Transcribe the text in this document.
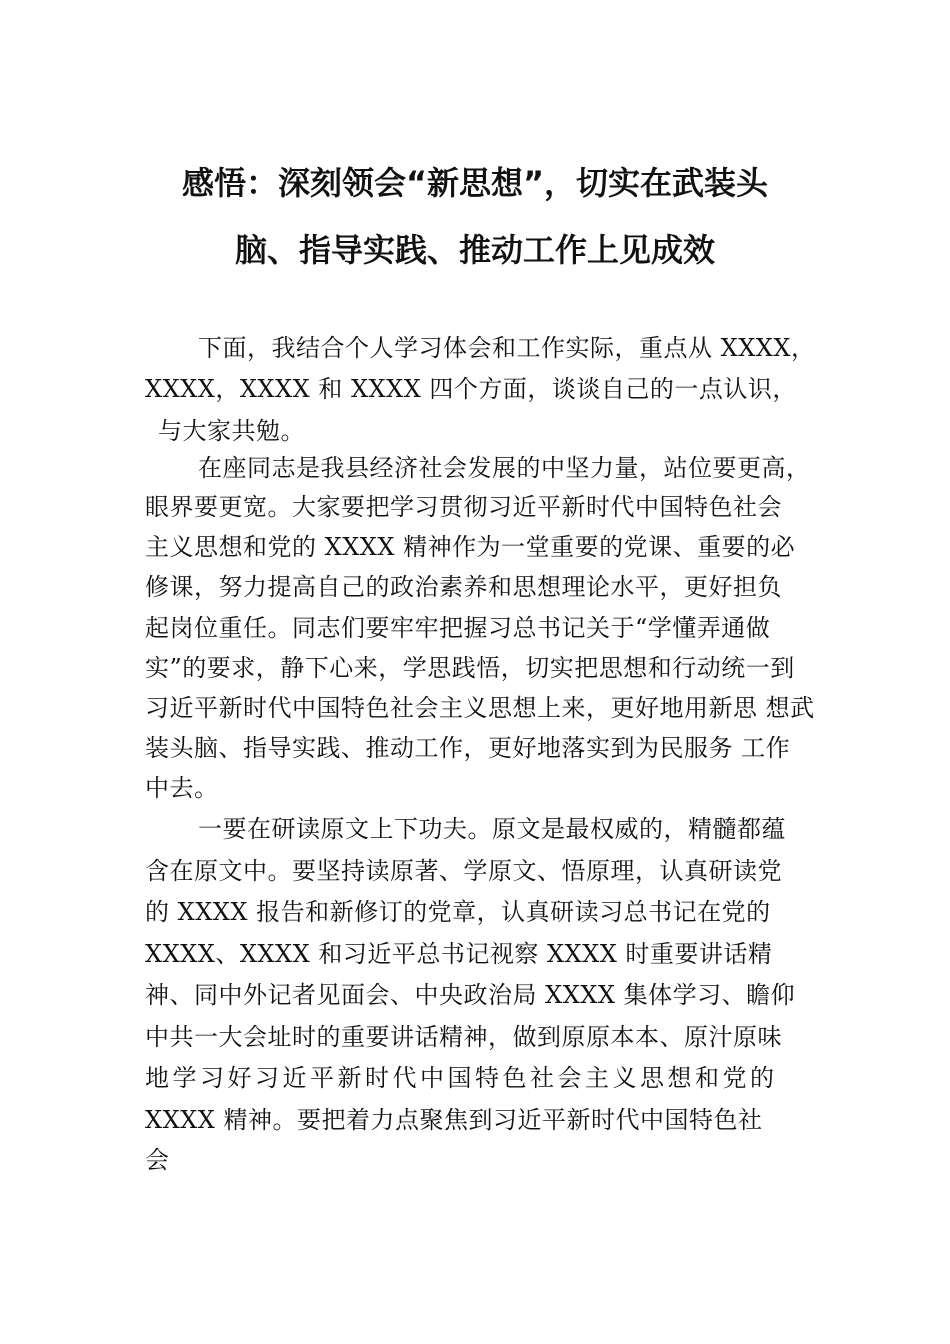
感悟：深刻领会“新思想”，切实在武装头
脑、指导实践、推动工作上见成效
下面，我结合个人学习体会和工作实际，重点从 XXXX，
XXXX，XXXX 和 XXXX 四个方面，谈谈自己的一点认识，
与大家共勉。
在座同志是我县经济社会发展的中坚力量，站位要更高，
眼界要更宽。大家要把学习贯彻习近平新时代中国特色社会
主义思想和党的 XXXX 精神作为一堂重要的党课、重要的必
修课，努力提高自己的政治素养和思想理论水平，更好担负
起岗位重任。同志们要牢牢把握习总书记关于“学懂弄通做
实”的要求，静下心来，学思践悟，切实把思想和行动统一到
习近平新时代中国特色社会主义思想上来，更好地用新思 想武
装头脑、指导实践、推动工作，更好地落实到为民服务 工作
中去。
一要在研读原文上下功夫。原文是最权威的，精髓都蕴
含在原文中。要坚持读原著、学原文、悟原理，认真研读党
的 XXXX 报告和新修订的党章，认真研读习总书记在党的
XXXX、XXXX 和习近平总书记视察 XXXX 时重要讲话精
神、同中外记者见面会、中央政治局 XXXX 集体学习、瞻仰
中共一大会址时的重要讲话精神，做到原原本本、原汁原味
地学习好习近平新时代中国特色社会主义思想和党的
XXXX 精神。要把着力点聚焦到习近平新时代中国特色社
会
